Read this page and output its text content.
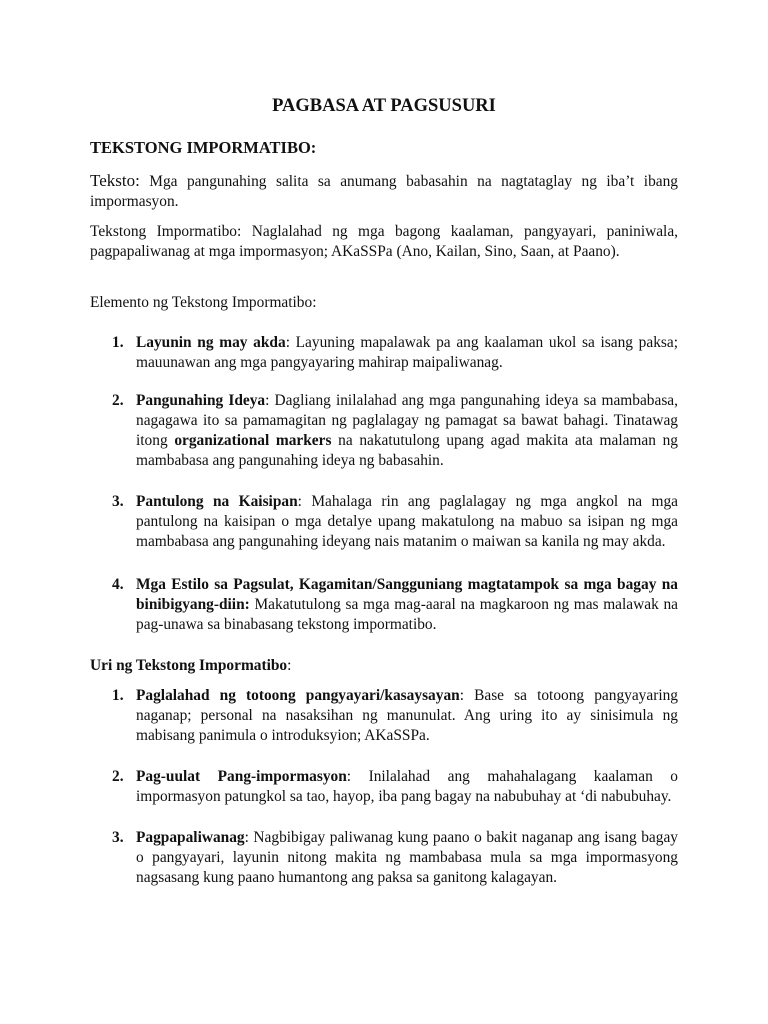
PAGBASA AT PAGSUSURI
TEKSTONG IMPORMATIBO:
Teksto: Mga pangunahing salita sa anumang babasahin na nagtataglay ng iba’t ibang impormasyon.
Tekstong Impormatibo: Naglalahad ng mga bagong kaalaman, pangyayari, paniniwala, pagpapaliwanag at mga impormasyon; AKaSSPa (Ano, Kailan, Sino, Saan, at Paano).
Elemento ng Tekstong Impormatibo:
1. Layunin ng may akda: Layuning mapalawak pa ang kaalaman ukol sa isang paksa; mauunawan ang mga pangyayaring mahirap maipaliwanag.
2. Pangunahing Ideya: Dagliang inilalahad ang mga pangunahing ideya sa mambabasa, nagagawa ito sa pamamagitan ng paglalagay ng pamagat sa bawat bahagi. Tinatawag itong organizational markers na nakatutulong upang agad makita ata malaman ng mambabasa ang pangunahing ideya ng babasahin.
3. Pantulong na Kaisipan: Mahalaga rin ang paglalagay ng mga angkol na mga pantulong na kaisipan o mga detalye upang makatulong na mabuo sa isipan ng mga mambabasa ang pangunahing ideyang nais matanim o maiwan sa kanila ng may akda.
4. Mga Estilo sa Pagsulat, Kagamitan/Sangguniang magtatampok sa mga bagay na binibigyang-diin: Makatutulong sa mga mag-aaral na magkaroon ng mas malawak na pag-unawa sa binabasang tekstong impormatibo.
Uri ng Tekstong Impormatibo:
1. Paglalahad ng totoong pangyayari/kasaysayan: Base sa totoong pangyayaring naganap; personal na nasaksihan ng manunulat. Ang uring ito ay sinisimula ng mabisang panimula o introduksyion; AKaSSPa.
2. Pag-uulat Pang-impormasyon: Inilalahad ang mahahalagang kaalaman o impormasyon patungkol sa tao, hayop, iba pang bagay na nabubuhay at ‘di nabubuhay.
3. Pagpapaliwanag: Nagbibigay paliwanag kung paano o bakit naganap ang isang bagay o pangyayari, layunin nitong makita ng mambabasa mula sa mga impormasyong nagsasang kung paano humantong ang paksa sa ganitong kalagayan.
